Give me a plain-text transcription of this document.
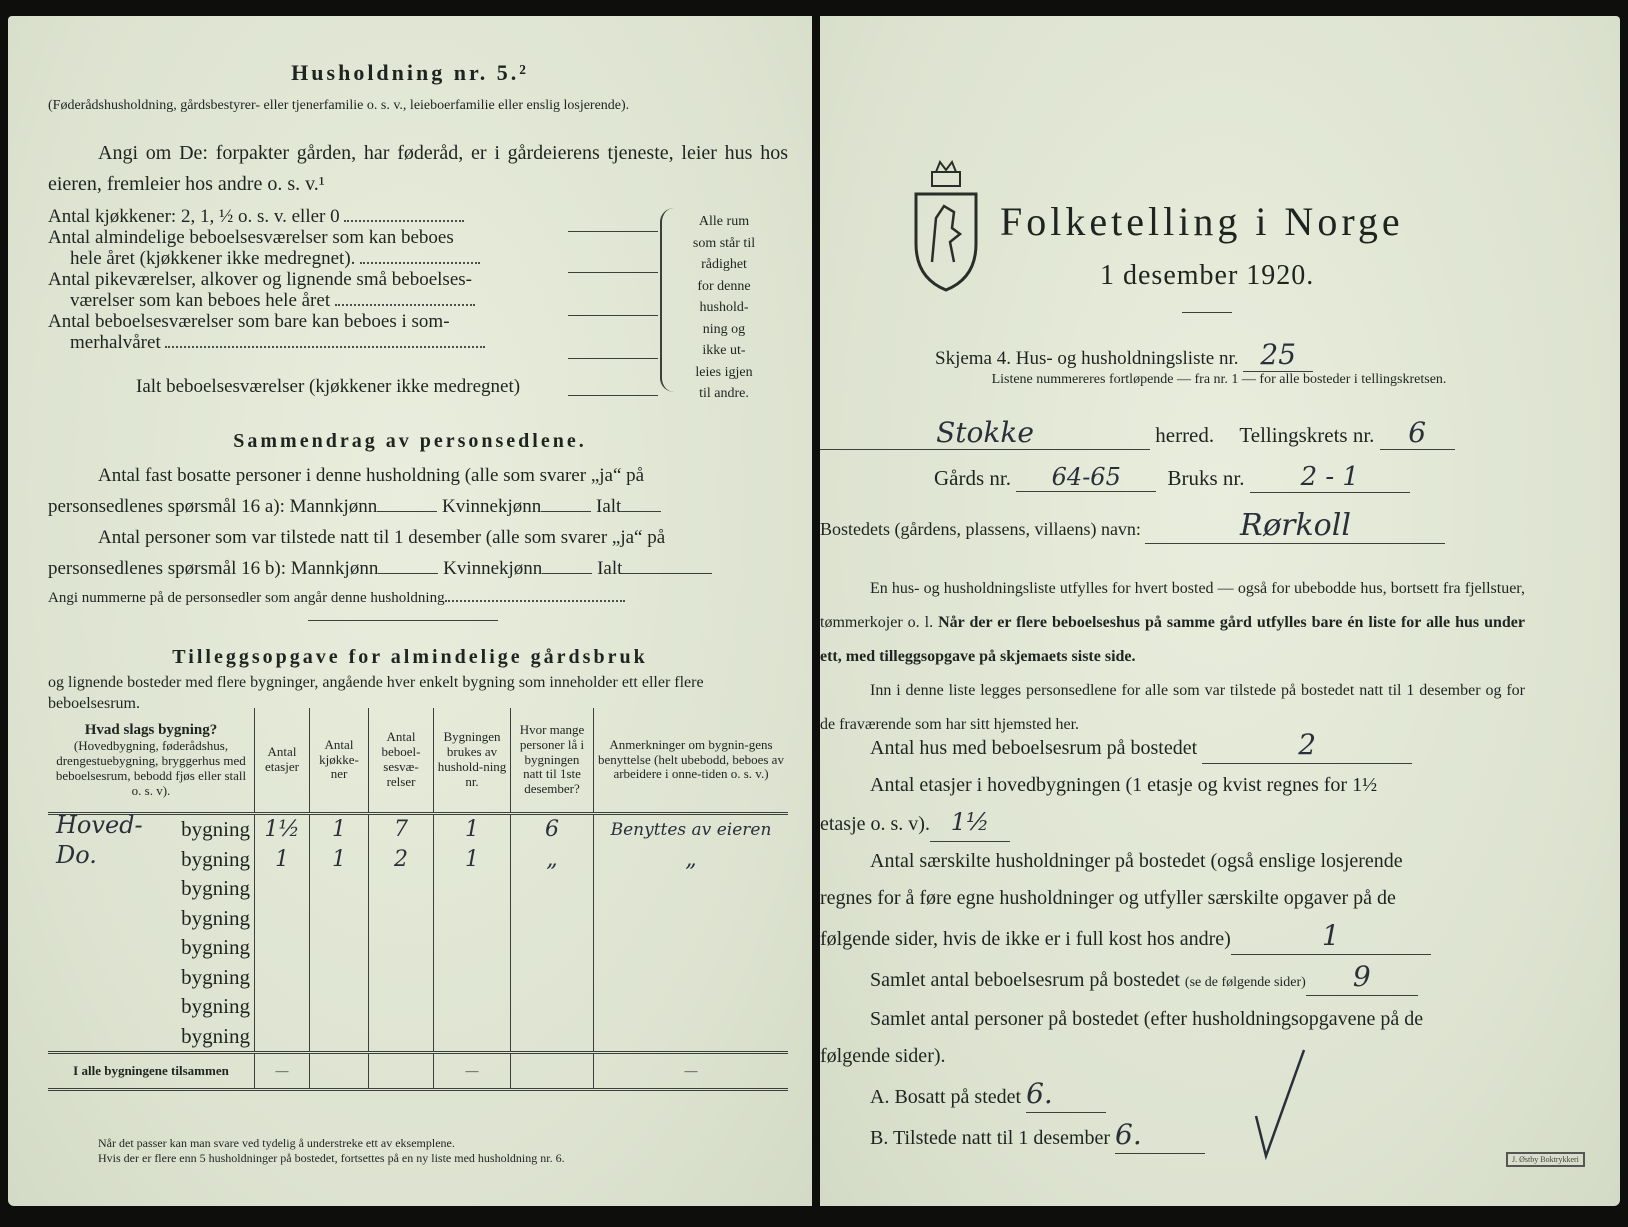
Husholdning nr. 5.²
(Føderådshusholdning, gårdsbestyrer- eller tjenerfamilie o. s. v., leieboerfamilie eller enslig losjerende).
Angi om De: forpakter gården, har føderåd, er i gårdeierens tjeneste, leier hus hos eieren, fremleier hos andre o. s. v.¹
Antal kjøkkener: 2, 1, ½ o. s. v. eller 0
Antal almindelige beboelsesværelser som kan beboes
hele året (kjøkkener ikke medregnet).
Antal pikeværelser, alkover og lignende små beboelses-
værelser som kan beboes hele året
Antal beboelsesværelser som bare kan beboes i som-
merhalvåret
Ialt beboelsesværelser (kjøkkener ikke medregnet)
Alle rum
som står til
rådighet
for denne
hushold-
ning og
ikke ut-
leies igjen
til andre.
Sammendrag av personsedlene.
Antal fast bosatte personer i denne husholdning (alle som svarer „ja“ på
personsedlenes spørsmål 16 a): Mannkjønn	Kvinnekjønn	Ialt
Antal personer som var tilstede natt til 1 desember (alle som svarer „ja“ på
personsedlenes spørsmål 16 b): Mannkjønn	Kvinnekjønn	Ialt
Angi nummerne på de personsedler som angår denne husholdning
Tilleggsopgave for almindelige gårdsbruk
og lignende bosteder med flere bygninger, angående hver enkelt bygning som inneholder ett eller flere beboelsesrum.
Hvad slags bygning?
(Hovedbygning, føderådshus, drengestuebygning, bryggerhus med beboelsesrum, bebodd fjøs eller stall o. s. v).	Antal etasjer	Antal kjøkke-ner	Antal beboel-sesvæ-relser	Bygningen brukes av hushold-ning nr.	Hvor mange personer lå i bygningen natt til 1ste desember?	Anmerkninger om bygnin-gens benyttelse (helt ubebodd, beboes av arbeidere i onne-tiden o. s. v.)

Hoved- bygning	1½	1	7	1	6	Benyttes av eieren

Do. bygning	1	1	2	1	„	„
bygning						
bygning						
bygning						
bygning						
bygning						
bygning						
I alle bygningene tilsammen	—			—		—
Når det passer kan man svare ved tydelig å understreke ett av eksemplene.
Hvis der er flere enn 5 husholdninger på bostedet, fortsettes på en ny liste med husholdning nr. 6.
Folketelling i Norge
1 desember 1920.
Skjema 4. Hus- og husholdningsliste nr. 25
Listene nummereres fortløpende — fra nr. 1 — for alle bosteder i tellingskretsen.
Stokke	herred. Tellingskrets nr. 6
Gårds nr. 64-65 Bruks nr. 2 - 1
Bostedets (gårdens, plassens, villaens) navn:	Rørkoll
En hus- og husholdningsliste utfylles for hvert bosted — også for ubebodde hus, bortsett fra fjellstuer, tømmerkojer o. l. Når der er flere beboelseshus på samme gård utfylles bare én liste for alle hus under ett, med tilleggsopgave på skjemaets siste side.
Inn i denne liste legges personsedlene for alle som var tilstede på bostedet natt til 1 desember og for de fraværende som har sitt hjemsted her.
Antal hus med beboelsesrum på bostedet	2
Antal etasjer i hovedbygningen (1 etasje og kvist regnes for 1½
etasje o. s. v). 1½
Antal særskilte husholdninger på bostedet (også enslige losjerende
regnes for å føre egne husholdninger og utfyller særskilte opgaver på de
følgende sider, hvis de ikke er i full kost hos andre)	1
Samlet antal beboelsesrum på bostedet (se de følgende sider) 9
Samlet antal personer på bostedet (efter husholdningsopgavene på de
følgende sider).
A. Bosatt på stedet 6.
B. Tilstede natt til 1 desember 6.
J. Østby Boktrykkeri
